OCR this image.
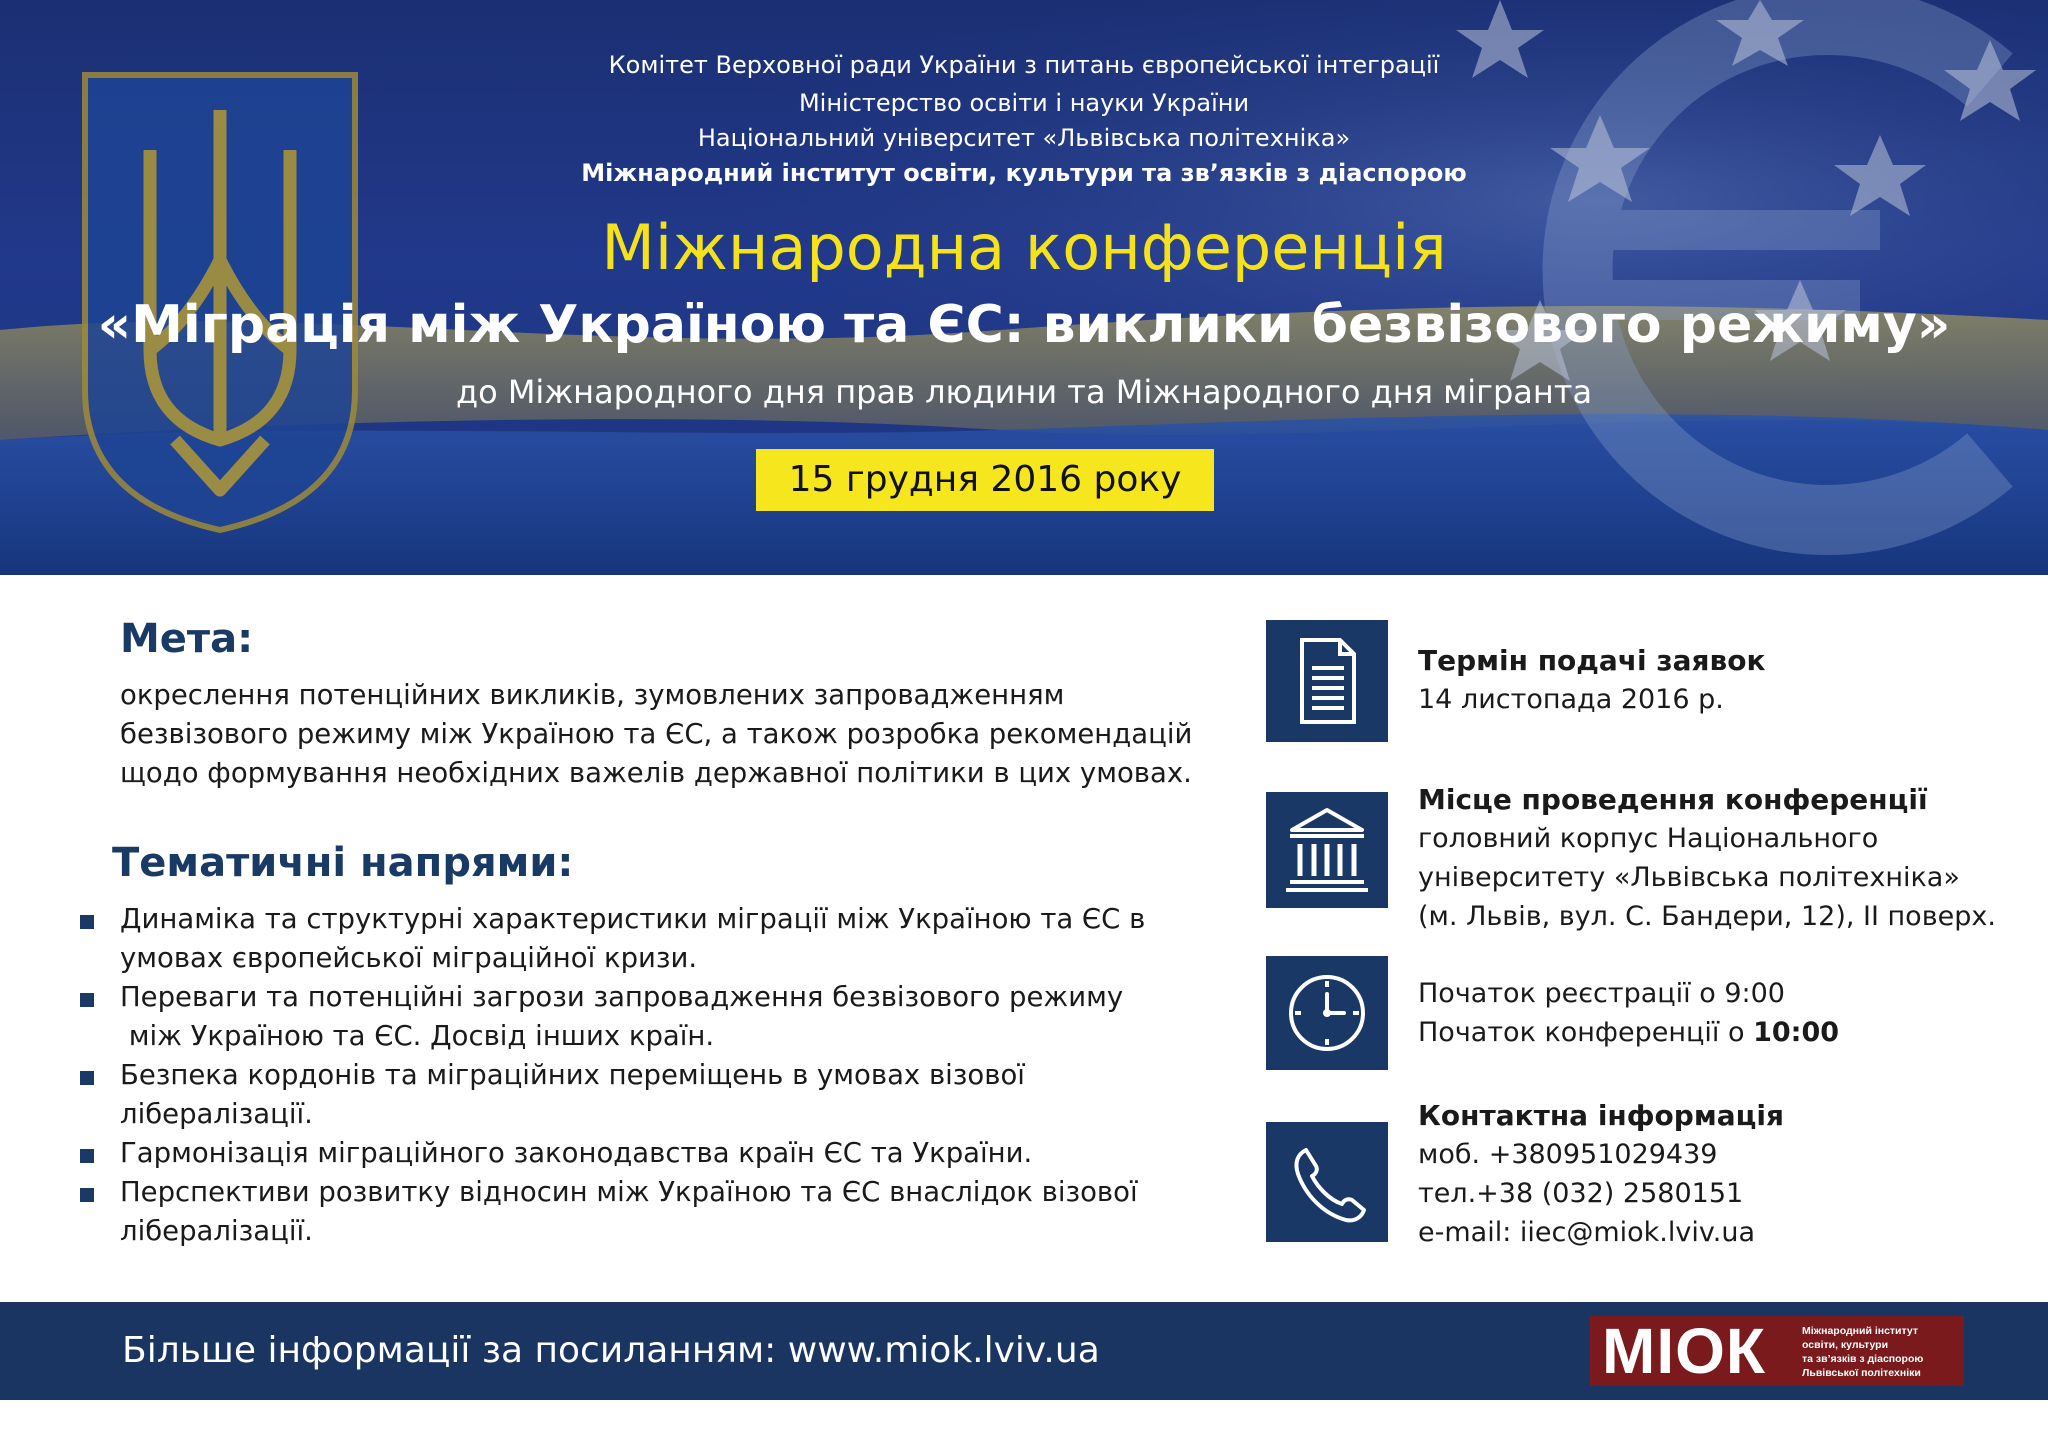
Комітет Верховної ради України з питань європейської інтеграції
Міністерство освіти і науки України
Національний університет «Львівська політехніка»
Міжнародний інститут освіти, культури та зв’язків з діаспорою
Міжнародна конференція
«Міграція між Україною та ЄС: виклики безвізового режиму»
до Міжнародного дня прав людини та Міжнародного дня мігранта
15 грудня 2016 року
Мета:
окреслення потенційних викликів, зумовлених запровадженням
безвізового режиму між Україною та ЄС, а також розробка рекомендацій
щодо формування необхідних важелів державної політики в цих умовах.
Тематичні напрями:
Динаміка та структурні характеристики міграції між Україною та ЄС в
умовах європейської міграційної кризи.
Переваги та потенційні загрози запровадження безвізового режиму
між Україною та ЄС. Досвід інших країн.
Безпека кордонів та міграційних переміщень в умовах візової
лібералізації.
Гармонізація міграційного законодавства країн ЄС та України.
Перспективи розвитку відносин між Україною та ЄС внаслідок візової
лібералізації.
Термін подачі заявок
14 листопада 2016 р.
Місце проведення конференції
головний корпус Національного
університету «Львівська політехніка»
(м. Львів, вул. С. Бандери, 12), ІІ поверх.
Початок реєстрації о 9:00
Початок конференції о 10:00
Контактна інформація
моб. +380951029439
тел.+38 (032) 2580151
e-mail: iiec@miok.lviv.ua
Більше інформації за посиланням: www.miok.lviv.ua	МІОК	Міжнародний інститут
освіти, культури
та зв’язків з діаспорою
Львівської політехніки
